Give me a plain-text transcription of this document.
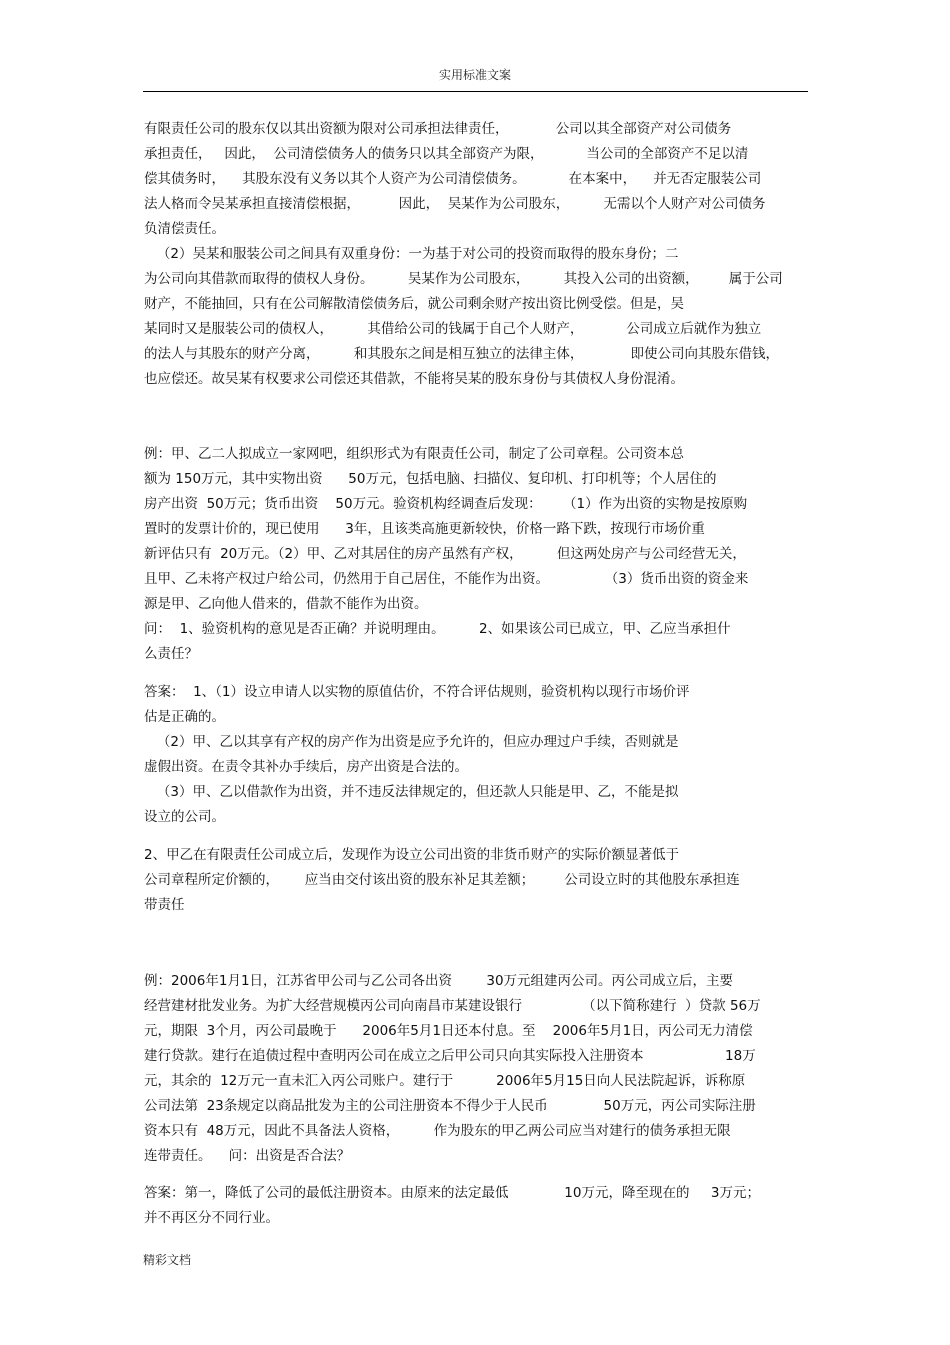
实用标准文案
有限责任公司的股东仅以其出资额为限对公司承担法律责任，           公司以其全部资产对公司债务
承担责任，   因此，  公司清偿债务人的债务只以其全部资产为限，          当公司的全部资产不足以清
偿其债务时，    其股东没有义务以其个人资产为公司清偿债务。          在本案中，    并无否定服装公司
法人格而令吴某承担直接清偿根据，         因此，  吴某作为公司股东，        无需以个人财产对公司债务
负清偿责任。
（2）吴某和服装公司之间具有双重身份：一为基于对公司的投资而取得的股东身份；二
为公司向其借款而取得的债权人身份。        吴某作为公司股东，        其投入公司的出资额，       属于公司
财产，不能抽回，只有在公司解散清偿债务后，就公司剩余财产按出资比例受偿。但是，吴
某同时又是服装公司的债权人，        其借给公司的钱属于自己个人财产，          公司成立后就作为独立
的法人与其股东的财产分离，        和其股东之间是相互独立的法律主体，           即使公司向其股东借钱，
也应偿还。故吴某有权要求公司偿还其借款，不能将吴某的股东身份与其债权人身份混淆。
例：甲、乙二人拟成立一家网吧，组织形式为有限责任公司，制定了公司章程。公司资本总
额为 150万元，其中实物出资      50万元，包括电脑、扫描仪、复印机、打印机等；个人居住的
房产出资  50万元；货币出资    50万元。验资机构经调查后发现：     （1）作为出资的实物是按原购
置时的发票计价的，现已使用      3年，且该类高施更新较快，价格一路下跌，按现行市场价重
新评估只有  20万元。（2）甲、乙对其居住的房产虽然有产权，        但这两处房产与公司经营无关，
且甲、乙未将产权过户给公司，仍然用于自己居住，不能作为出资。             （3）货币出资的资金来
源是甲、乙向他人借来的，借款不能作为出资。
问：  1、验资机构的意见是否正确？并说明理由。        2、如果该公司已成立，甲、乙应当承担什
么责任？
答案：  1、（1）设立申请人以实物的原值估价，不符合评估规则，验资机构以现行市场价评
估是正确的。
（2）甲、乙以其享有产权的房产作为出资是应予允许的，但应办理过户手续，否则就是
虚假出资。在责令其补办手续后，房产出资是合法的。
（3）甲、乙以借款作为出资，并不违反法律规定的，但还款人只能是甲、乙，不能是拟
设立的公司。
2、甲乙在有限责任公司成立后，发现作为设立公司出资的非货币财产的实际价额显著低于
公司章程所定价额的，      应当由交付该出资的股东补足其差额；       公司设立时的其他股东承担连
带责任
例：2006年1月1日，江苏省甲公司与乙公司各出资        30万元组建丙公司。丙公司成立后，主要
经营建材批发业务。为扩大经营规模丙公司向南昌市某建设银行              （以下简称建行  ）贷款 56万
元，期限  3个月，丙公司最晚于      2006年5月1日还本付息。至    2006年5月1日，丙公司无力清偿
建行贷款。建行在追债过程中查明丙公司在成立之后甲公司只向其实际投入注册资本                   18万
元，其余的  12万元一直未汇入丙公司账户。建行于          2006年5月15日向人民法院起诉，诉称原
公司法第  23条规定以商品批发为主的公司注册资本不得少于人民币             50万元，丙公司实际注册
资本只有  48万元，因此不具备法人资格，        作为股东的甲乙两公司应当对建行的债务承担无限
连带责任。    问：出资是否合法？
答案：第一，降低了公司的最低注册资本。由原来的法定最低             10万元，降至现在的     3万元；
并不再区分不同行业。
精彩文档
